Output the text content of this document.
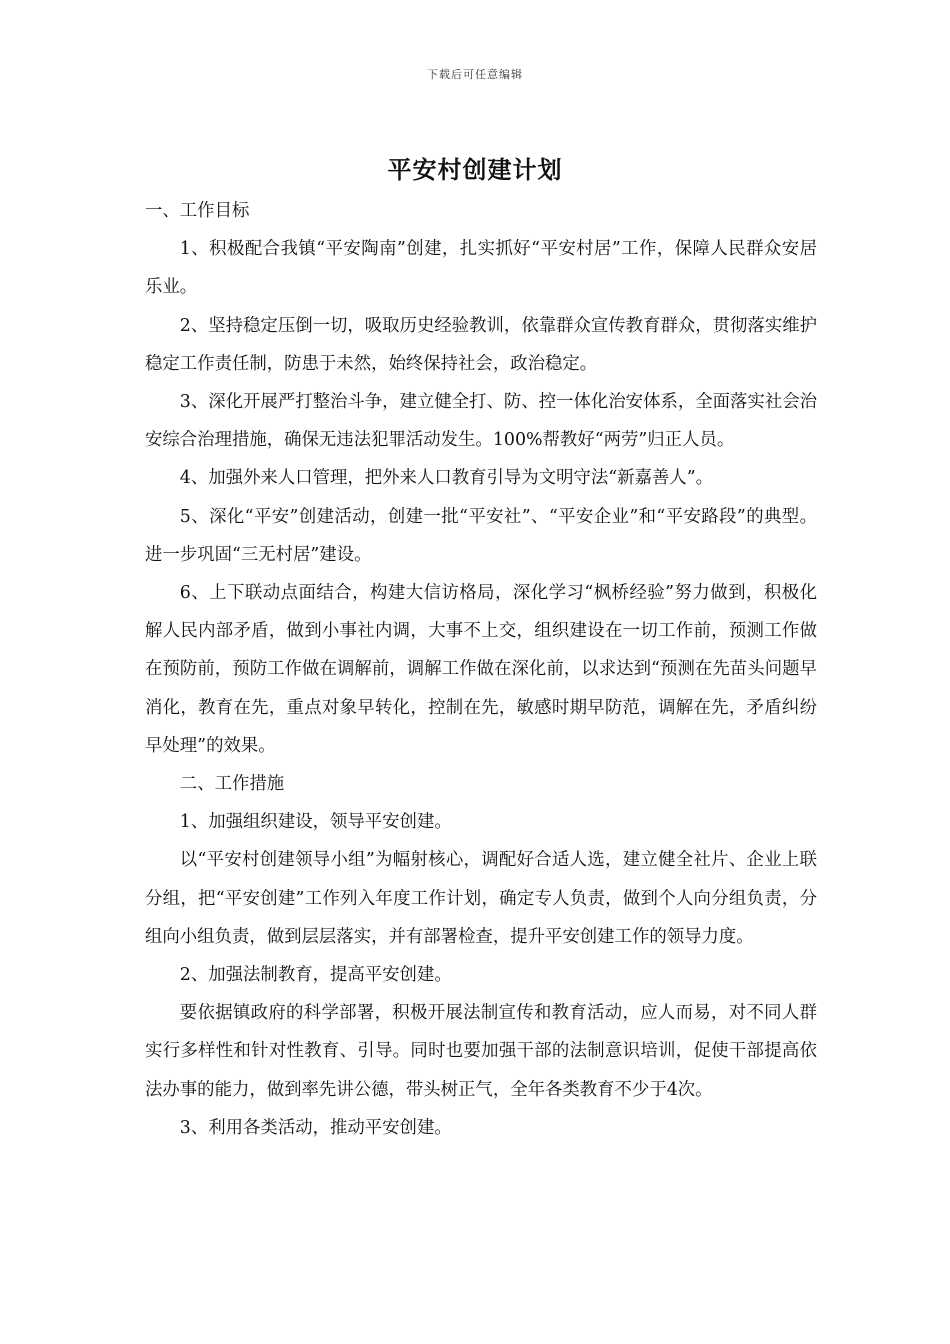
下载后可任意编辑
平安村创建计划

一、工作目标

1、积极配合我镇“平安陶南”创建，扎实抓好“平安村居”工作，保障人民群众安居乐业。

2、坚持稳定压倒一切，吸取历史经验教训，依靠群众宣传教育群众，贯彻落实维护稳定工作责任制，防患于未然，始终保持社会，政治稳定。

3、深化开展严打整治斗争，建立健全打、防、控一体化治安体系，全面落实社会治安综合治理措施，确保无违法犯罪活动发生。100%帮教好“两劳”归正人员。

4、加强外来人口管理，把外来人口教育引导为文明守法“新嘉善人”。

5、深化“平安”创建活动，创建一批“平安社”、“平安企业”和“平安路段”的典型。进一步巩固“三无村居”建设。

6、上下联动点面结合，构建大信访格局，深化学习“枫桥经验”努力做到，积极化解人民内部矛盾，做到小事社内调，大事不上交，组织建设在一切工作前，预测工作做在预防前，预防工作做在调解前，调解工作做在深化前，以求达到“预测在先苗头问题早消化，教育在先，重点对象早转化，控制在先，敏感时期早防范，调解在先，矛盾纠纷早处理”的效果。

二、工作措施

1、加强组织建设，领导平安创建。

以“平安村创建领导小组”为幅射核心，调配好合适人选，建立健全社片、企业上联分组，把“平安创建”工作列入年度工作计划，确定专人负责，做到个人向分组负责，分组向小组负责，做到层层落实，并有部署检查，提升平安创建工作的领导力度。

2、加强法制教育，提高平安创建。

要依据镇政府的科学部署，积极开展法制宣传和教育活动，应人而易，对不同人群实行多样性和针对性教育、引导。同时也要加强干部的法制意识培训，促使干部提高依法办事的能力，做到率先讲公德，带头树正气，全年各类教育不少于4次。

3、利用各类活动，推动平安创建。
